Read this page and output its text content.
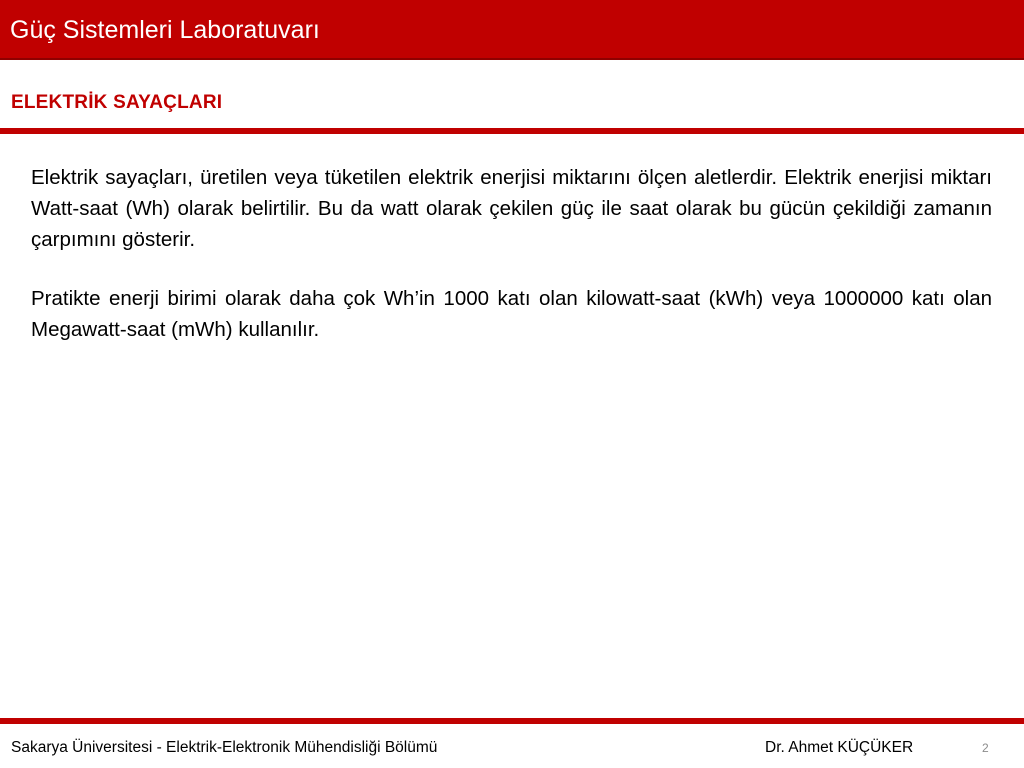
Güç Sistemleri Laboratuvarı
ELEKTRİK SAYAÇLARI

Elektrik sayaçları, üretilen veya tüketilen elektrik enerjisi miktarını ölçen aletlerdir. Elektrik enerjisi miktarı Watt-saat (Wh) olarak belirtilir. Bu da watt olarak çekilen güç ile saat olarak bu gücün çekildiği zamanın çarpımını gösterir.

Pratikte enerji birimi olarak daha çok Wh’in 1000 katı olan kilowatt-saat (kWh) veya 1000000 katı olan Megawatt-saat (mWh) kullanılır.

Sakarya Üniversitesi - Elektrik-Elektronik Mühendisliği Bölümü	Dr. Ahmet KÜÇÜKER	2
